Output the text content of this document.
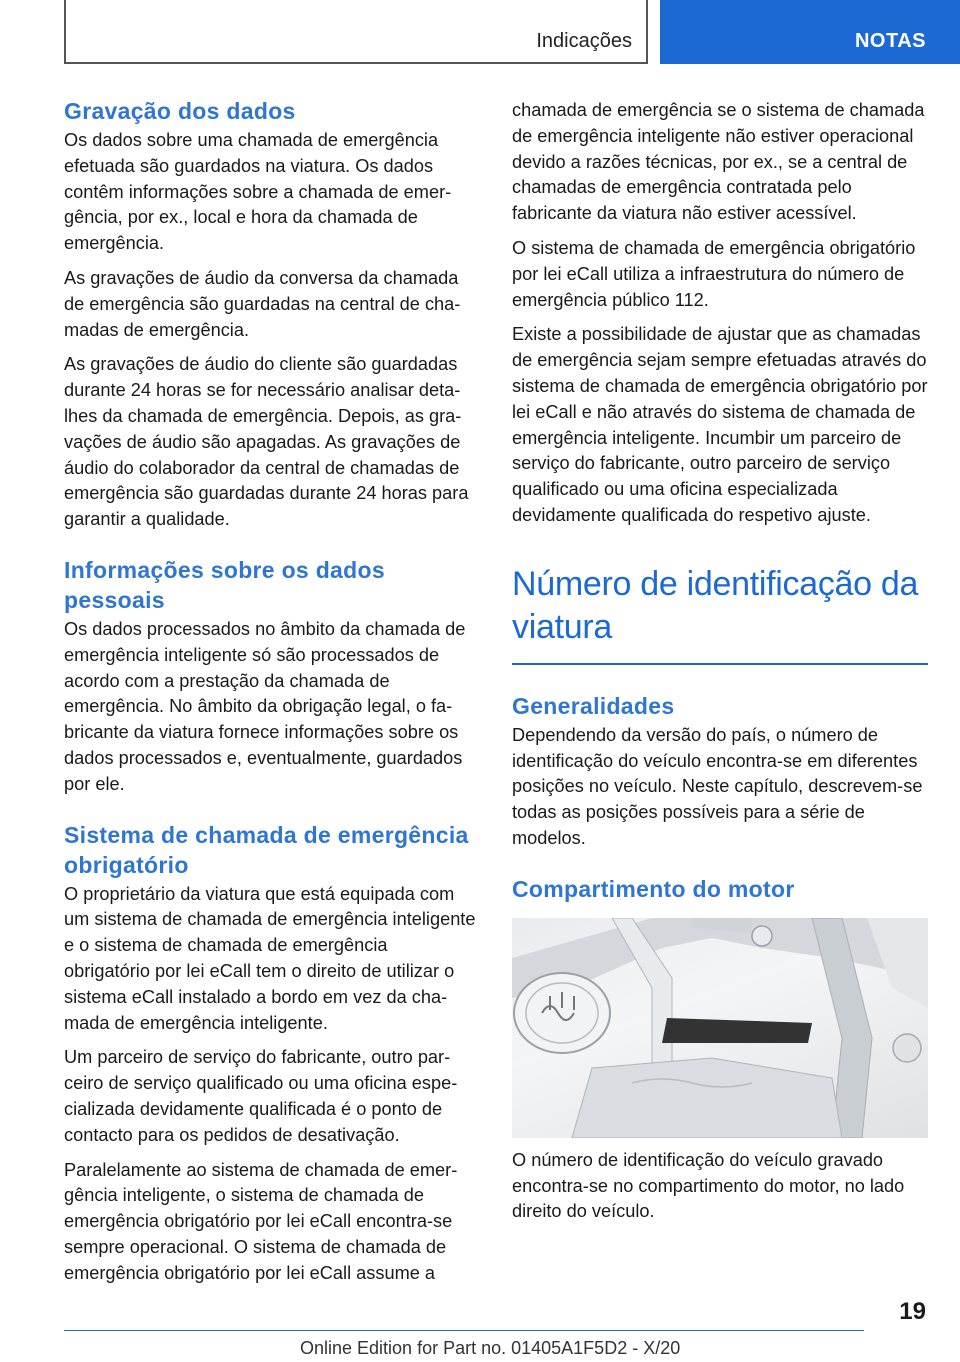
Indicações	NOTAS
Gravação dos dados

Os dados sobre uma chamada de emergência efetuada são guardados na viatura. Os dados contêm informações sobre a chamada de emergência, por ex., local e hora da chamada de emergência.

As gravações de áudio da conversa da chamada de emergência são guardadas na central de chamadas de emergência.

As gravações de áudio do cliente são guardadas durante 24 horas se for necessário analisar detalhes da chamada de emergência. Depois, as gravações de áudio são apagadas. As gravações de áudio do colaborador da central de chamadas de emergência são guardadas durante 24 horas para garantir a qualidade.

Informações sobre os dados pessoais

Os dados processados no âmbito da chamada de emergência inteligente só são processados de acordo com a prestação da chamada de emergência. No âmbito da obrigação legal, o fabricante da viatura fornece informações sobre os dados processados e, eventualmente, guardados por ele.

Sistema de chamada de emergência obrigatório

O proprietário da viatura que está equipada com um sistema de chamada de emergência inteligente e o sistema de chamada de emergência obrigatório por lei eCall tem o direito de utilizar o sistema eCall instalado a bordo em vez da chamada de emergência inteligente.

Um parceiro de serviço do fabricante, outro parceiro de serviço qualificado ou uma oficina especializada devidamente qualificada é o ponto de contacto para os pedidos de desativação.

Paralelamente ao sistema de chamada de emergência inteligente, o sistema de chamada de emergência obrigatório por lei eCall encontra-se sempre operacional. O sistema de chamada de emergência obrigatório por lei eCall assume a

chamada de emergência se o sistema de chamada de emergência inteligente não estiver operacional devido a razões técnicas, por ex., se a central de chamadas de emergência contratada pelo fabricante da viatura não estiver acessível.

O sistema de chamada de emergência obrigatório por lei eCall utiliza a infraestrutura do número de emergência público 112.

Existe a possibilidade de ajustar que as chamadas de emergência sejam sempre efetuadas através do sistema de chamada de emergência obrigatório por lei eCall e não através do sistema de chamada de emergência inteligente. Incumbir um parceiro de serviço do fabricante, outro parceiro de serviço qualificado ou uma oficina especializada devidamente qualificada do respetivo ajuste.

Número de identificação da viatura
Generalidades

Dependendo da versão do país, o número de identificação do veículo encontra-se em diferentes posições no veículo. Neste capítulo, descrevem-se todas as posições possíveis para a série de modelos.

Compartimento do motor

O número de identificação do veículo gravado encontra-se no compartimento do motor, no lado direito do veículo.

19
Online Edition for Part no. 01405A1F5D2 - X/20
